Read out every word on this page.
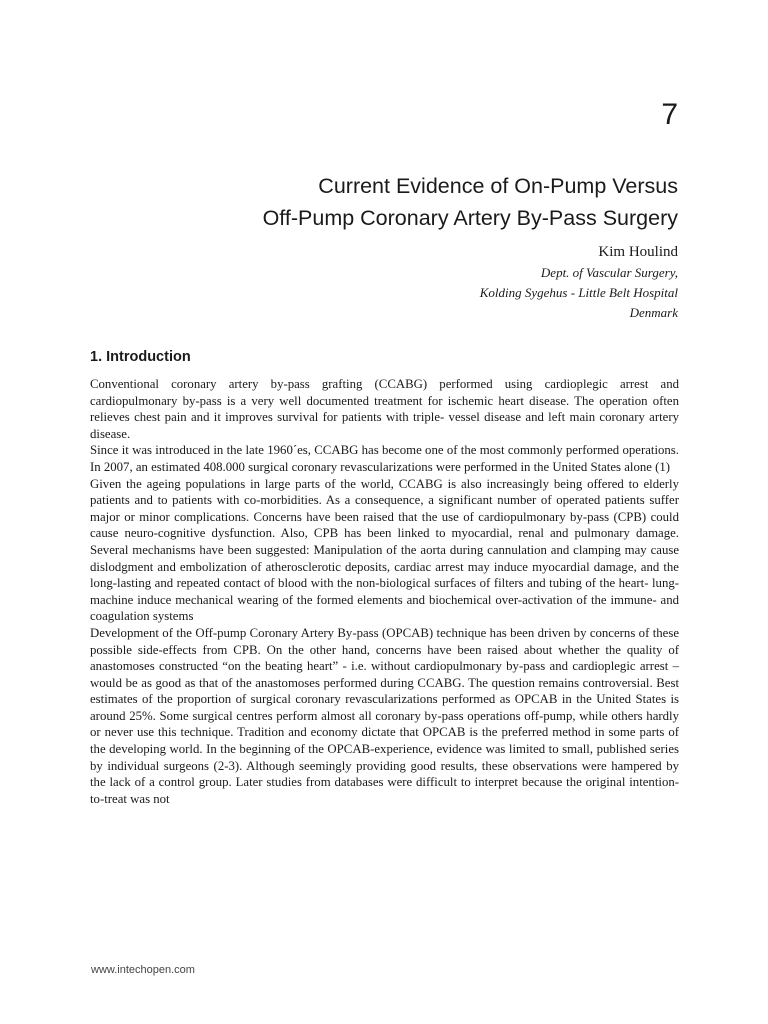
7
Current Evidence of On-Pump Versus
Off-Pump Coronary Artery By-Pass Surgery
Kim Houlind
Dept. of Vascular Surgery,
Kolding Sygehus - Little Belt Hospital
Denmark
1. Introduction

Conventional coronary artery by-pass grafting (CCABG) performed using cardioplegic arrest and cardiopulmonary by-pass is a very well documented treatment for ischemic heart disease. The operation often relieves chest pain and it improves survival for patients with triple- vessel disease and left main coronary artery disease.

Since it was introduced in the late 1960´es, CCABG has become one of the most commonly performed operations. In 2007, an estimated 408.000 surgical coronary revascularizations were performed in the United States alone (1)

Given the ageing populations in large parts of the world, CCABG is also increasingly being offered to elderly patients and to patients with co-morbidities. As a consequence, a significant number of operated patients suffer major or minor complications. Concerns have been raised that the use of cardiopulmonary by-pass (CPB) could cause neuro-cognitive dysfunction. Also, CPB has been linked to myocardial, renal and pulmonary damage. Several mechanisms have been suggested: Manipulation of the aorta during cannulation and clamping may cause dislodgment and embolization of atherosclerotic deposits, cardiac arrest may induce myocardial damage, and the long-lasting and repeated contact of blood with the non-biological surfaces of filters and tubing of the heart- lung- machine induce mechanical wearing of the formed elements and biochemical over-activation of the immune- and coagulation systems

Development of the Off-pump Coronary Artery By-pass (OPCAB) technique has been driven by concerns of these possible side-effects from CPB. On the other hand, concerns have been raised about whether the quality of anastomoses constructed “on the beating heart” - i.e. without cardiopulmonary by-pass and cardioplegic arrest – would be as good as that of the anastomoses performed during CCABG. The question remains controversial. Best estimates of the proportion of surgical coronary revascularizations performed as OPCAB in the United States is around 25%. Some surgical centres perform almost all coronary by-pass operations off-pump, while others hardly or never use this technique. Tradition and economy dictate that OPCAB is the preferred method in some parts of the developing world. In the beginning of the OPCAB-experience, evidence was limited to small, published series by individual surgeons (2-3). Although seemingly providing good results, these observations were hampered by the lack of a control group. Later studies from databases were difficult to interpret because the original intention-to-treat was not

www.intechopen.com
